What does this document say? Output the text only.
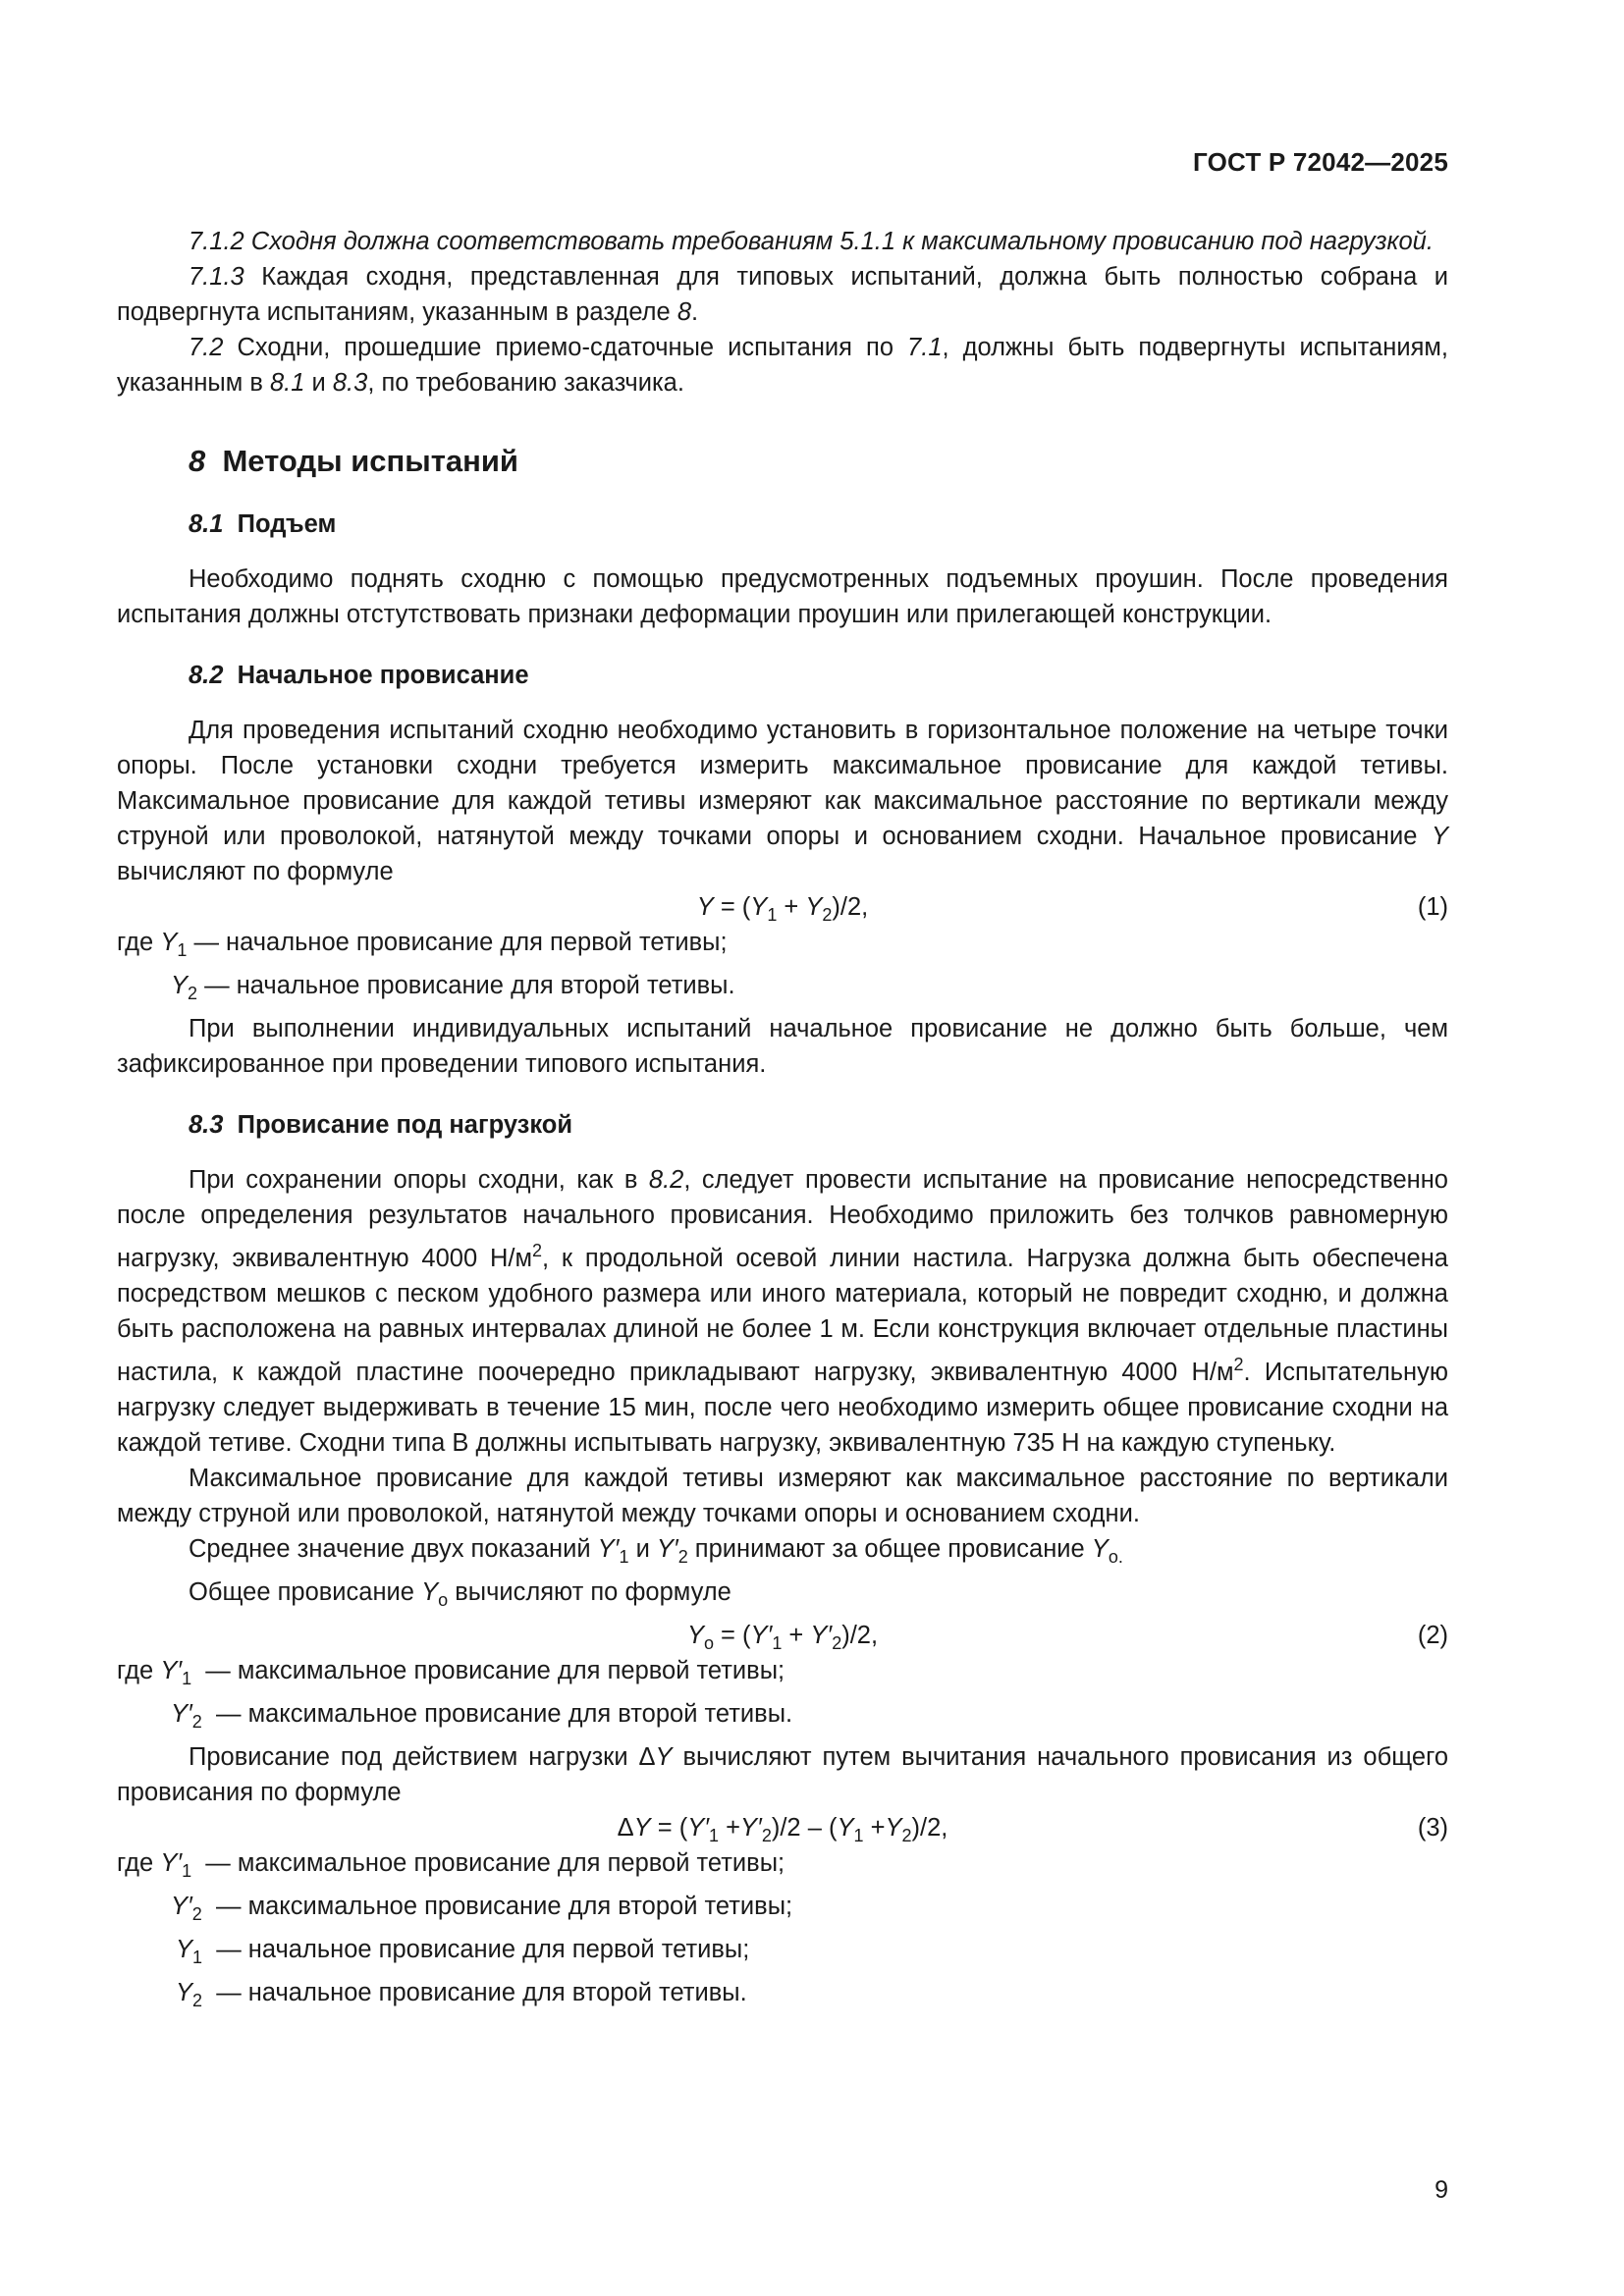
ГОСТ Р 72042—2025

7.1.2 Сходня должна соответствовать требованиям 5.1.1 к максимальному провисанию под нагрузкой.

7.1.3 Каждая сходня, представленная для типовых испытаний, должна быть полностью собрана и подвергнута испытаниям, указанным в разделе 8.

7.2 Сходни, прошедшие приемо-сдаточные испытания по 7.1, должны быть подвергнуты испытаниям, указанным в 8.1 и 8.3, по требованию заказчика.

8 Методы испытаний
8.1 Подъем

Необходимо поднять сходню с помощью предусмотренных подъемных проушин. После проведения испытания должны отстутствовать признаки деформации проушин или прилегающей конструкции.

8.2 Начальное провисание

Для проведения испытаний сходню необходимо установить в горизонтальное положение на четыре точки опоры. После установки сходни требуется измерить максимальное провисание для каждой тетивы. Максимальное провисание для каждой тетивы измеряют как максимальное расстояние по вертикали между струной или проволокой, натянутой между точками опоры и основанием сходни. Начальное провисание Y вычисляют по формуле

$Y = (Y_1 + Y_2)/2$,	(1)
где $Y_1$ — начальное провисание для первой тетивы;
$Y_2$ — начальное провисание для второй тетивы.

При выполнении индивидуальных испытаний начальное провисание не должно быть больше, чем зафиксированное при проведении типового испытания.

8.3 Провисание под нагрузкой

При сохранении опоры сходни, как в 8.2, следует провести испытание на провисание непосредственно после определения результатов начального провисания. Необходимо приложить без толчков равномерную нагрузку, эквивалентную 4000 $Н/м^2$, к продольной осевой линии настила. Нагрузка должна быть обеспечена посредством мешков с песком удобного размера или иного материала, который не повредит сходню, и должна быть расположена на равных интервалах длиной не более 1 м. Если конструкция включает отдельные пластины настила, к каждой пластине поочередно прикладывают нагрузку, эквивалентную 4000 $Н/м^2$. Испытательную нагрузку следует выдерживать в течение 15 мин, после чего необходимо измерить общее провисание сходни на каждой тетиве. Сходни типа В должны испытывать нагрузку, эквивалентную 735 Н на каждую ступеньку.

Максимальное провисание для каждой тетивы измеряют как максимальное расстояние по вертикали между струной или проволокой, натянутой между точками опоры и основанием сходни.

Среднее значение двух показаний $Y'_1$ и $Y'_2$ принимают за общее провисание $Y_{о.}$

Общее провисание $Y_о$ вычисляют по формуле

$Y_о = (Y'_1 + Y'_2)/2$,	(2)
где $Y'_1$ — максимальное провисание для первой тетивы;
$Y'_2$ — максимальное провисание для второй тетивы.

Провисание под действием нагрузки ΔY вычисляют путем вычитания начального провисания из общего провисания по формуле

$\Delta Y = (Y'_1 +Y'_2)/2 - (Y_1 +Y_2)/2$,	(3)
где $Y'_1$ — максимальное провисание для первой тетивы;
$Y'_2$ — максимальное провисание для второй тетивы;
$Y_1$ — начальное провисание для первой тетивы;
$Y_2$ — начальное провисание для второй тетивы.
9
